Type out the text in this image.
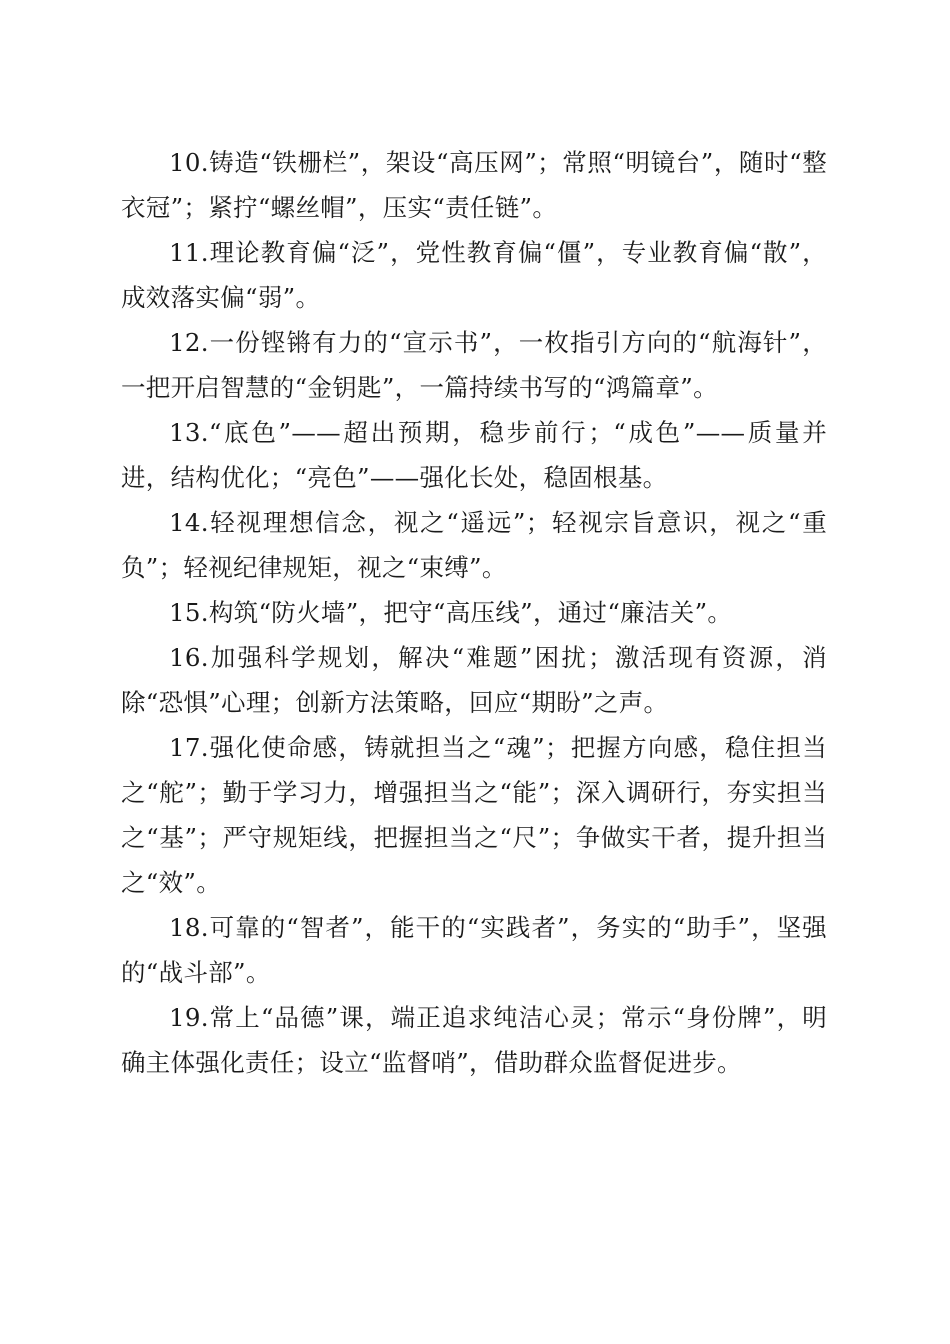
10.铸造“铁栅栏”，架设“高压网”；常照“明镜台”，随时“整衣冠”；紧拧“螺丝帽”，压实“责任链”。

11.理论教育偏“泛”，党性教育偏“僵”，专业教育偏“散”，成效落实偏“弱”。

12.一份铿锵有力的“宣示书”，一枚指引方向的“航海针”，一把开启智慧的“金钥匙”，一篇持续书写的“鸿篇章”。

13.“底色”——超出预期，稳步前行；“成色”——质量并进，结构优化；“亮色”——强化长处，稳固根基。

14.轻视理想信念，视之“遥远”；轻视宗旨意识，视之“重负”；轻视纪律规矩，视之“束缚”。

15.构筑“防火墙”，把守“高压线”，通过“廉洁关”。

16.加强科学规划，解决“难题”困扰；激活现有资源，消除“恐惧”心理；创新方法策略，回应“期盼”之声。

17.强化使命感，铸就担当之“魂”；把握方向感，稳住担当之“舵”；勤于学习力，增强担当之“能”；深入调研行，夯实担当之“基”；严守规矩线，把握担当之“尺”；争做实干者，提升担当之“效”。

18.可靠的“智者”，能干的“实践者”，务实的“助手”，坚强的“战斗部”。

19.常上“品德”课，端正追求纯洁心灵；常示“身份牌”，明确主体强化责任；设立“监督哨”，借助群众监督促进步。
